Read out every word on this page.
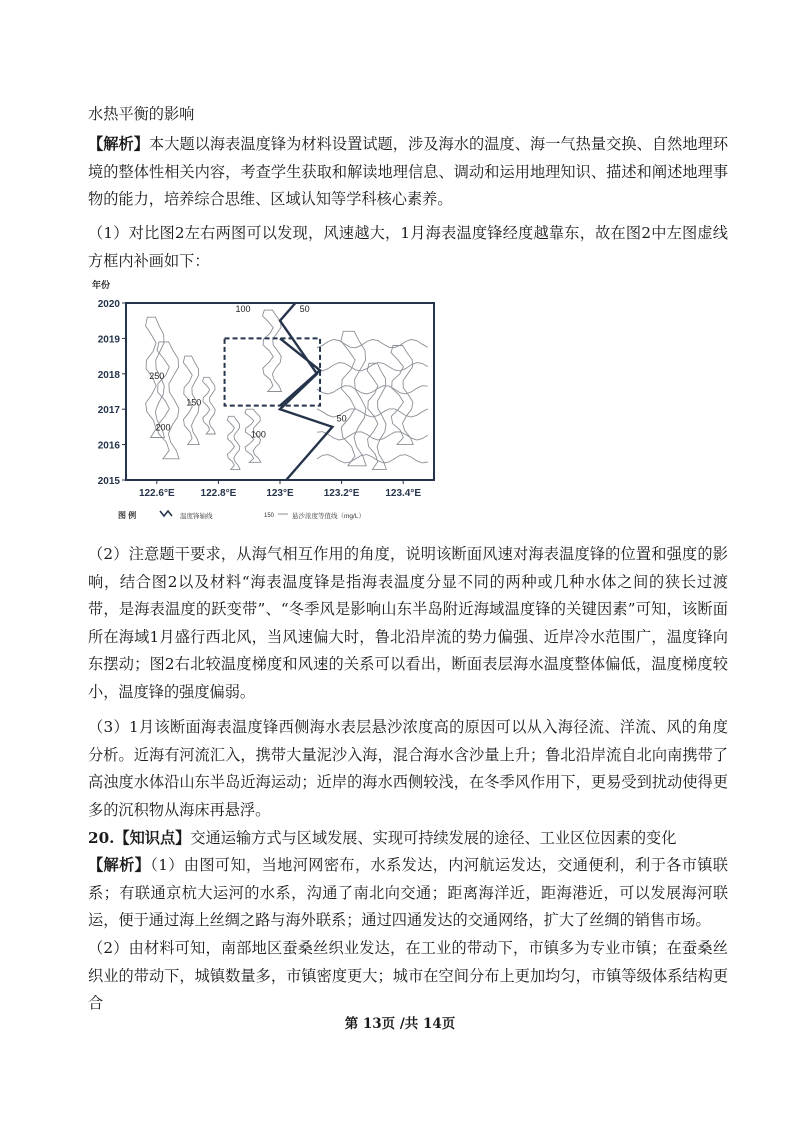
水热平衡的影响

【解析】本大题以海表温度锋为材料设置试题，涉及海水的温度、海一气热量交换、自然地理环境的整体性相关内容，考查学生获取和解读地理信息、调动和运用地理知识、描述和阐述地理事物的能力，培养综合思维、区域认知等学科核心素养。

（1）对比图2左右两图可以发现，风速越大，1月海表温度锋经度越靠东，故在图2中左图虚线方框内补画如下：

年份
2020
2019
2018
2017
2016
2015
122.6°E	122.8°E	123°E	123.2°E	123.4°E
100	50
250
150
200
100
50
图 例	温度锋轴线	150	悬沙浓度等值线（mg/L）

（2）注意题干要求，从海气相互作用的角度，说明该断面风速对海表温度锋的位置和强度的影响，结合图2以及材料“海表温度锋是指海表温度分显不同的两种或几种水体之间的狭长过渡带，是海表温度的跃变带”、“冬季风是影响山东半岛附近海域温度锋的关键因素”可知，该断面所在海域1月盛行西北风，当风速偏大时，鲁北沿岸流的势力偏强、近岸冷水范围广，温度锋向东摆动；图2右北较温度梯度和风速的关系可以看出，断面表层海水温度整体偏低，温度梯度较小，温度锋的强度偏弱。

（3）1月该断面海表温度锋西侧海水表层悬沙浓度高的原因可以从入海径流、洋流、风的角度分析。近海有河流汇入，携带大量泥沙入海，混合海水含沙量上升；鲁北沿岸流自北向南携带了高浊度水体沿山东半岛近海运动；近岸的海水西侧较浅，在冬季风作用下，更易受到扰动使得更多的沉积物从海床再悬浮。

20.【知识点】交通运输方式与区域发展、实现可持续发展的途径、工业区位因素的变化

【解析】（1）由图可知，当地河网密布，水系发达，内河航运发达，交通便利，利于各市镇联系；有联通京杭大运河的水系，沟通了南北向交通；距离海洋近，距海港近，可以发展海河联运，便于通过海上丝绸之路与海外联系；通过四通发达的交通网络，扩大了丝绸的销售市场。

（2）由材料可知，南部地区蚕桑丝织业发达，在工业的带动下，市镇多为专业市镇；在蚕桑丝织业的带动下，城镇数量多，市镇密度更大；城市在空间分布上更加均匀，市镇等级体系结构更合

第 13页 /共 14页
